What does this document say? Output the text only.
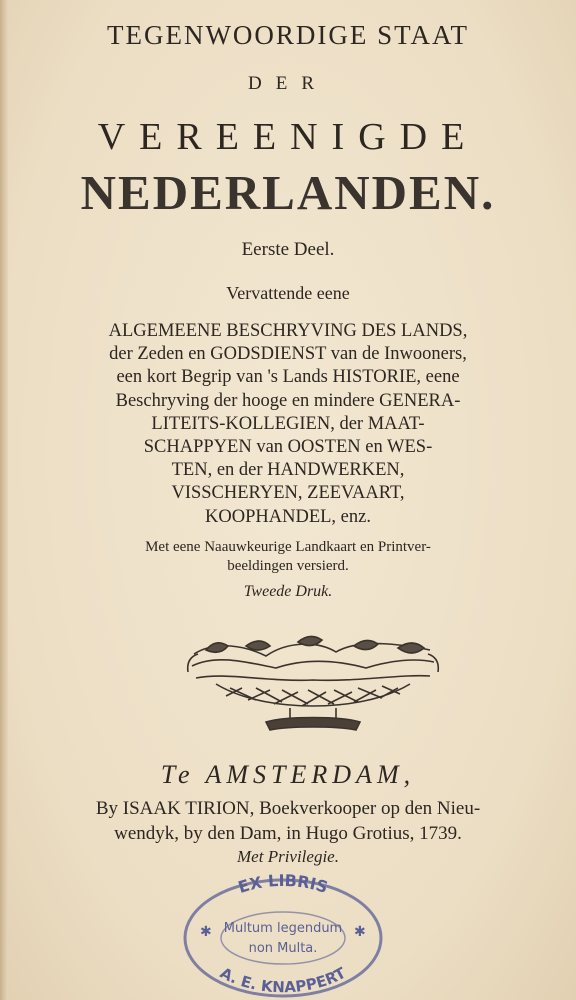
TEGENWOORDIGE STAAT
DER
VEREENIGDE
NEDERLANDEN.
Eerste Deel.
Vervattende eene
ALGEMEENE BESCHRYVING DES LANDS,
der Zeden en GODSDIENST van de Inwooners,
een kort Begrip van 's Lands HISTORIE, eene
Beschryving der hooge en mindere GENERA-
LITEITS-KOLLEGIEN, der MAAT-
SCHAPPYEN van OOSTEN en WES-
TEN, en der HANDWERKEN,
VISSCHERYEN, ZEEVAART,
KOOPHANDEL, enz.
Met eene Naauwkeurige Landkaart en Printver-
beeldingen versierd.
Tweede Druk.
Te AMSTERDAM,
By ISAAK TIRION, Boekverkooper op den Nieu-
wendyk, by den Dam, in Hugo Grotius, 1739.
Met Privilegie.
EX LIBRIS
Multum legendum
non Multa.
✱	✱
A. E. KNAPPERT
